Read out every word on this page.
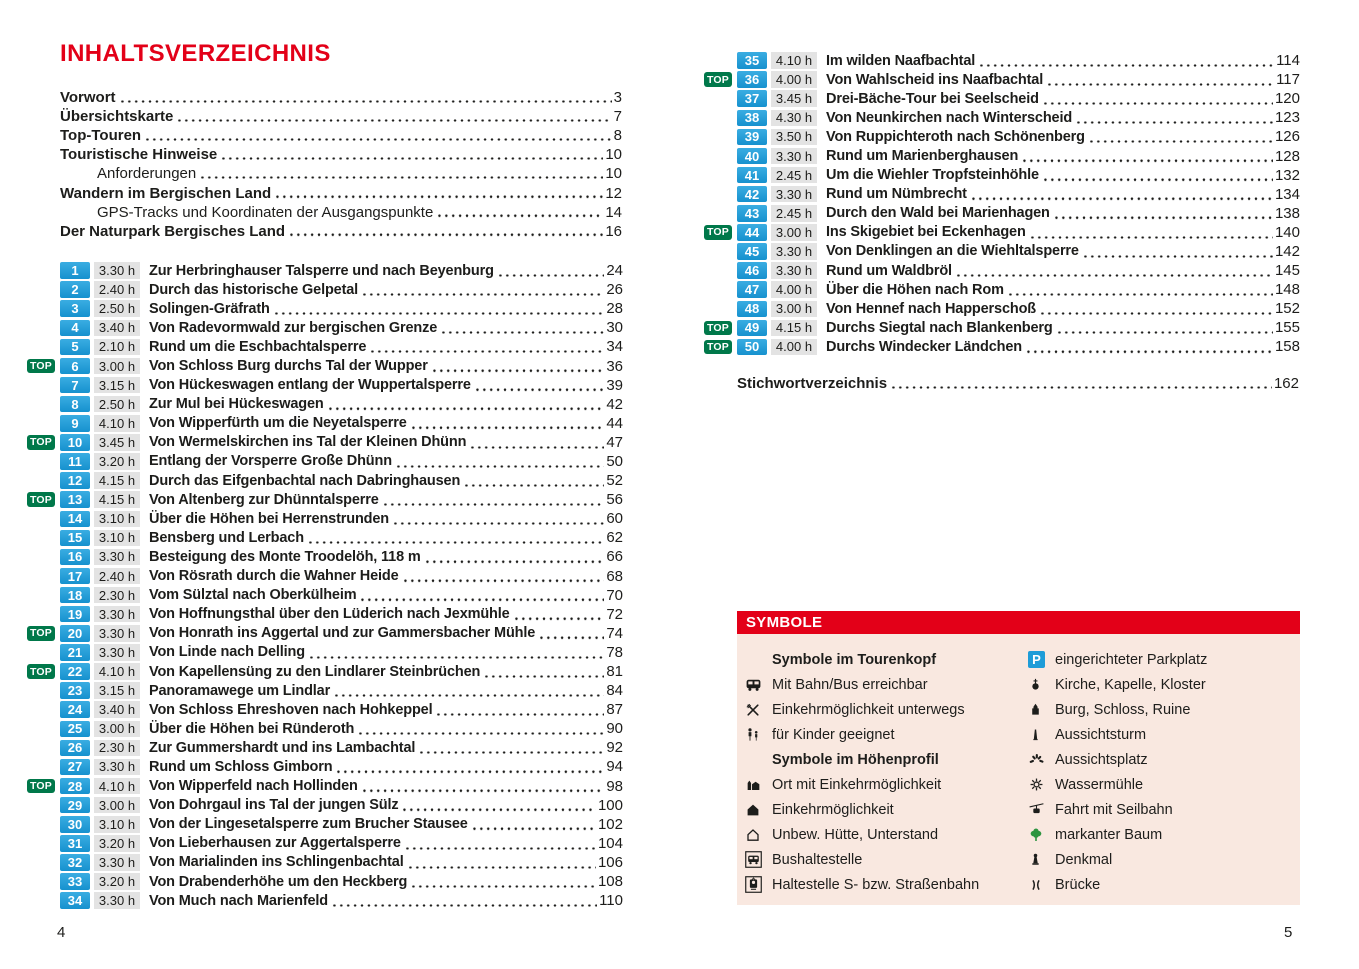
INHALTSVERZEICHNIS
Vorwort	3
Übersichtskarte	7
Top-Touren	8
Touristische Hinweise	10
Anforderungen	10
Wandern im Bergischen Land	12
GPS-Tracks und Koordinaten der Ausgangspunkte	14
Der Naturpark Bergisches Land	16
1	3.30 h Zur Herbringhauser Talsperre und nach Beyenburg	24
2	2.40 h Durch das historische Gelpetal	26
3	2.50 h Solingen-Gräfrath	28
4	3.40 h Von Radevormwald zur bergischen Grenze	30
5	2.10 h Rund um die Eschbachtalsperre	34
TOP	6	3.00 h Von Schloss Burg durchs Tal der Wupper	36
7	3.15 h Von Hückeswagen entlang der Wuppertalsperre	39
8	2.50 h Zur Mul bei Hückeswagen	42
9	4.10 h Von Wipperfürth um die Neyetalsperre	44
TOP	10	3.45 h Von Wermelskirchen ins Tal der Kleinen Dhünn	47
11	3.20 h Entlang der Vorsperre Große Dhünn	50
12	4.15 h Durch das Eifgenbachtal nach Dabringhausen	52
TOP	13	4.15 h Von Altenberg zur Dhünntalsperre	56
14	3.10 h Über die Höhen bei Herrenstrunden	60
15	3.10 h Bensberg und Lerbach	62
16	3.30 h Besteigung des Monte Troodelöh, 118 m	66
17	2.40 h Von Rösrath durch die Wahner Heide	68
18	2.30 h Vom Sülztal nach Oberkülheim	70
19	3.30 h Von Hoffnungsthal über den Lüderich nach Jexmühle	72
TOP	20	3.30 h Von Honrath ins Aggertal und zur Gammersbacher Mühle	74
21	3.30 h Von Linde nach Delling	78
TOP	22	4.10 h Von Kapellensüng zu den Lindlarer Steinbrüchen	81
23	3.15 h Panoramawege um Lindlar	84
24	3.40 h Von Schloss Ehreshoven nach Hohkeppel	87
25	3.00 h Über die Höhen bei Ründeroth	90
26	2.30 h Zur Gummershardt und ins Lambachtal	92
27	3.30 h Rund um Schloss Gimborn	94
TOP	28	4.10 h Von Wipperfeld nach Hollinden	98
29	3.00 h Von Dohrgaul ins Tal der jungen Sülz	100
30	3.10 h Von der Lingesetalsperre zum Brucher Stausee	102
31	3.20 h Von Lieberhausen zur Aggertalsperre	104
32	3.30 h Von Marialinden ins Schlingenbachtal	106
33	3.20 h Von Drabenderhöhe um den Heckberg	108
34	3.30 h Von Much nach Marienfeld	110
35	4.10 h Im wilden Naafbachtal	114
TOP	36	4.00 h Von Wahlscheid ins Naafbachtal	117
37	3.45 h Drei-Bäche-Tour bei Seelscheid	120
38	4.30 h Von Neunkirchen nach Winterscheid	123
39	3.50 h Von Ruppichteroth nach Schönenberg	126
40	3.30 h Rund um Marienberghausen	128
41	2.45 h Um die Wiehler Tropfsteinhöhle	132
42	3.30 h Rund um Nümbrecht	134
43	2.45 h Durch den Wald bei Marienhagen	138
TOP	44	3.00 h Ins Skigebiet bei Eckenhagen	140
45	3.30 h Von Denklingen an die Wiehltalsperre	142
46	3.30 h Rund um Waldbröl	145
47	4.00 h Über die Höhen nach Rom	148
48	3.00 h Von Hennef nach Happerschoß	152
TOP	49	4.15 h Durchs Siegtal nach Blankenberg	155
TOP	50	4.00 h Durchs Windecker Ländchen	158
Stichwortverzeichnis	162
SYMBOLE
Symbole im Tourenkopf
Mit Bahn/Bus erreichbar
Einkehrmöglichkeit unterwegs
für Kinder geeignet
Symbole im Höhenprofil
Ort mit Einkehrmöglichkeit
Einkehrmöglichkeit
Unbew. Hütte, Unterstand
Bushaltestelle
Haltestelle S- bzw. Straßenbahn
P eingerichteter Parkplatz
Kirche, Kapelle, Kloster
Burg, Schloss, Ruine
Aussichtsturm
Aussichtsplatz
Wassermühle
Fahrt mit Seilbahn
markanter Baum
Denkmal
Brücke
4	5
